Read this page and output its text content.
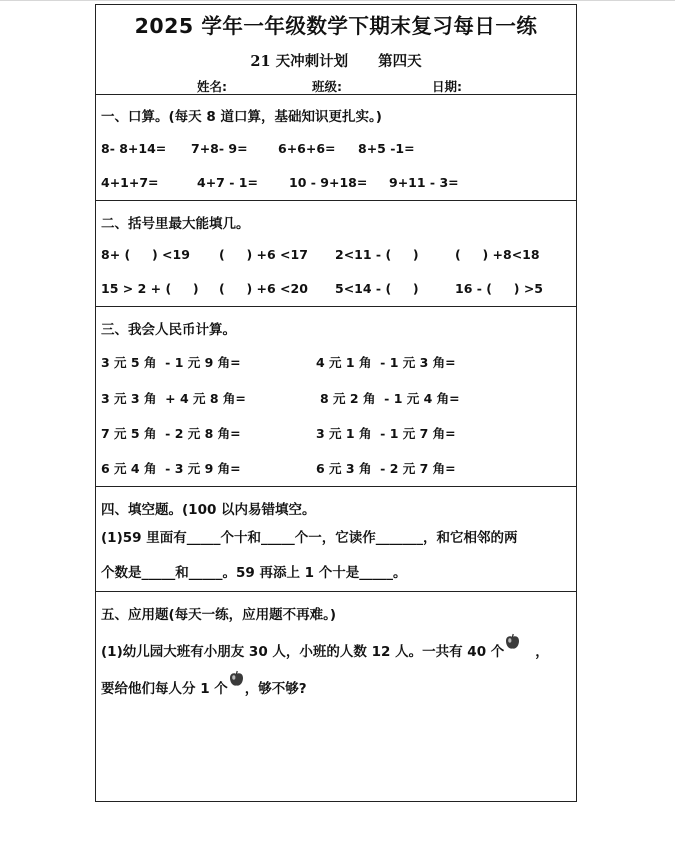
2025 学年一年级数学下期末复习每日一练
21 天冲刺计划 第四天
姓名:	班级:	日期:
一、口算。(每天 8 道口算，基础知识更扎实。)
8- 8+14= 7+8- 9= 6+6+6= 8+5 -1=
4+1+7=	4+7 - 1= 10 - 9+18= 9+11 - 3=
二、括号里最大能填几。
8+ (     ) <19 (     ) +6 <17 2<11 - (     )	(     ) +8<18
15 > 2 + (     ) (     ) +6 <20 5<14 - (     )	16 - (     ) >5
三、我会人民币计算。
3 元 5 角  - 1 元 9 角=	4 元 1 角  - 1 元 3 角=
3 元 3 角  + 4 元 8 角=	8 元 2 角  - 1 元 4 角=
7 元 5 角  - 2 元 8 角=	3 元 1 角  - 1 元 7 角=
6 元 4 角  - 3 元 9 角=	6 元 3 角  - 2 元 7 角=
四、填空题。(100 以内易错填空。
(1)59 里面有_____个十和_____个一，它读作_______，和它相邻的两
个数是_____和_____。59 再添上 1 个十是_____。
五、应用题(每天一练，应用题不再难。)
(1)幼儿园大班有小朋友 30 人，小班的人数 12 人。一共有 40 个 ，
要给他们每人分 1 个 ，够不够?
